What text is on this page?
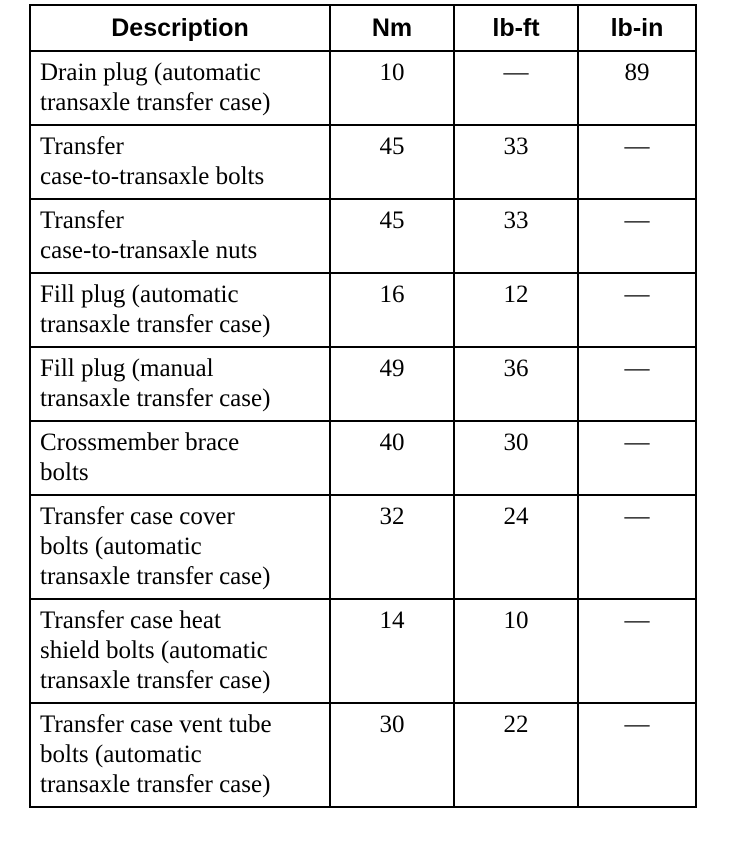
Description	Nm	lb-ft	lb-in

Drain plug (automatic
transaxle transfer case)	10	—	89

Transfer
case-to-transaxle bolts	45	33	—

Transfer
case-to-transaxle nuts	45	33	—

Fill plug (automatic
transaxle transfer case)	16	12	—

Fill plug (manual
transaxle transfer case)	49	36	—

Crossmember brace
bolts	40	30	—

Transfer case cover
bolts (automatic
transaxle transfer case)	32	24	—

Transfer case heat
shield bolts (automatic
transaxle transfer case)	14	10	—

Transfer case vent tube
bolts (automatic
transaxle transfer case)	30	22	—
